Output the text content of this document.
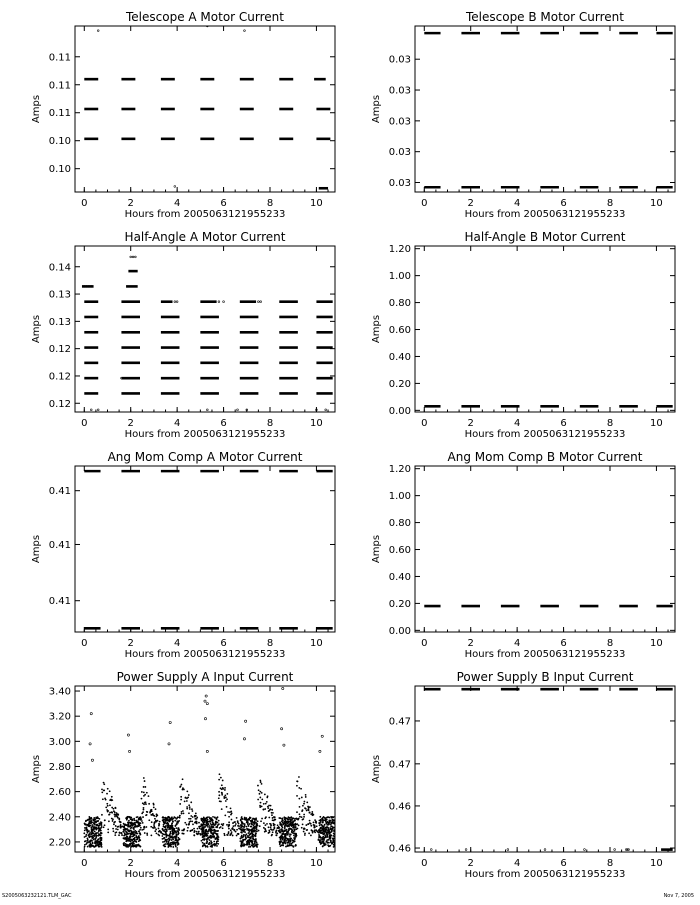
Telescope A Motor Current
0	2	4	6	8	10
0.10
0.10
0.11
0.11
0.11
Hours from 2005063121955233
Amps
Telescope B Motor Current
0	2	4	6	8	10
0.03
0.03
0.03
0.03
0.03
Hours from 2005063121955233
Amps
Half-Angle A Motor Current
0	2	4	6	8	10
0.12
0.12
0.12
0.13
0.13
0.14
Hours from 2005063121955233
Amps
Half-Angle B Motor Current
0	2	4	6	8	10
0.00
0.20
0.40
0.60
0.80
1.00
1.20
Hours from 2005063121955233
Amps
Ang Mom Comp A Motor Current
0	2	4	6	8	10
0.41
0.41
0.41
Hours from 2005063121955233
Amps
Ang Mom Comp B Motor Current
0	2	4	6	8	10
0.00
0.20
0.40
0.60
0.80
1.00
1.20
Hours from 2005063121955233
Amps
Power Supply A Input Current
0	2	4	6	8	10
2.20
2.40
2.60
2.80
3.00
3.20
3.40
Hours from 2005063121955233
Amps
Power Supply B Input Current
0	2	4	6	8	10
0.46
0.46
0.47
0.47
Hours from 2005063121955233
Amps
S2005063232121.TLM_GAC	Nov 7, 2005
